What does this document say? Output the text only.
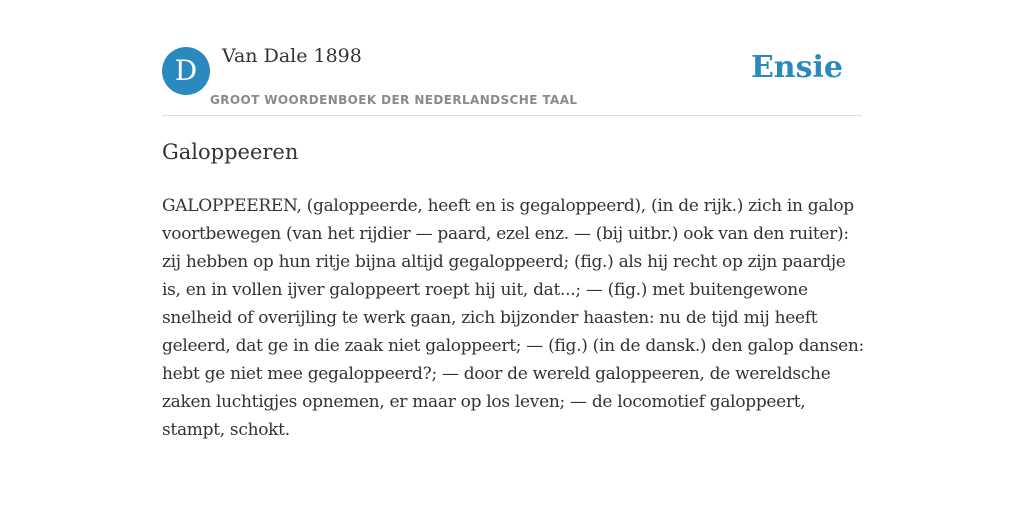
D	Van Dale 1898
GROOT WOORDENBOEK DER NEDERLANDSCHE TAAL
Ensie
Galoppeeren

GALOPPEEREN, (galoppeerde, heeft en is gegaloppeerd), (in de rijk.) zich in galop voortbewegen (van het rijdier — paard, ezel enz. — (bij uitbr.) ook van den ruiter): zij hebben op hun ritje bijna altijd gegaloppeerd; (fig.) als hij recht op zijn paardje is, en in vollen ijver galoppeert roept hij uit, dat...; — (fig.) met buitengewone snelheid of overijling te werk gaan, zich bijzonder haasten: nu de tijd mij heeft geleerd, dat ge in die zaak niet galoppeert; — (fig.) (in de dansk.) den galop dansen: hebt ge niet mee gegaloppeerd?; — door de wereld galoppeeren, de wereldsche zaken luchtigjes opnemen, er maar op los leven; — de locomotief galoppeert, stampt, schokt.
